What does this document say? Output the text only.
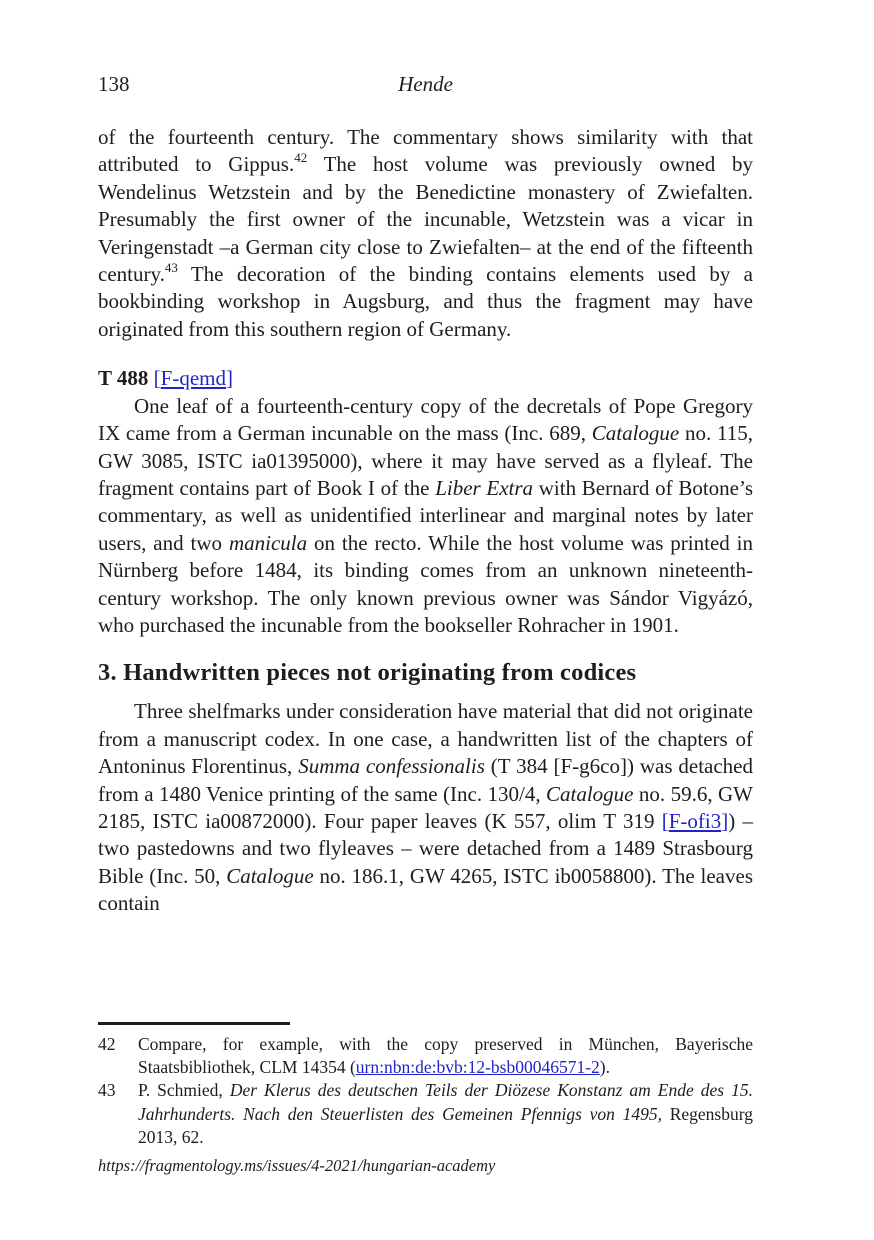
138	Hende

of the fourteenth century. The commentary shows similarity with that attributed to Gippus.$^{42}$ The host volume was previously owned by Wendelinus Wetzstein and by the Benedictine monastery of Zwiefalten. Presumably the first owner of the incunable, Wetzstein was a vicar in Veringenstadt –a German city close to Zwiefalten– at the end of the fifteenth century.$^{43}$ The decoration of the binding contains elements used by a bookbinding workshop in Augsburg, and thus the fragment may have originated from this southern region of Germany.

T 488 [F-qemd]

One leaf of a fourteenth-century copy of the decretals of Pope Gregory IX came from a German incunable on the mass (Inc. 689, Catalogue no. 115, GW 3085, ISTC ia01395000), where it may have served as a flyleaf. The fragment contains part of Book I of the Liber Extra with Bernard of Botone’s commentary, as well as unidentified interlinear and marginal notes by later users, and two manicula on the recto. While the host volume was printed in Nürnberg before 1484, its binding comes from an unknown nineteenth-century workshop. The only known previous owner was Sándor Vigyázó, who purchased the incunable from the bookseller Rohracher in 1901.

3. Handwritten pieces not originating from codices

Three shelfmarks under consideration have material that did not originate from a manuscript codex. In one case, a handwritten list of the chapters of Antoninus Florentinus, Summa confessionalis (T 384 [F-g6co]) was detached from a 1480 Venice printing of the same (Inc. 130/4, Catalogue no. 59.6, GW 2185, ISTC ia00872000). Four paper leaves (K 557, olim T 319 [F-ofi3]) – two pastedowns and two flyleaves – were detached from a 1489 Strasbourg Bible (Inc. 50, Catalogue no. 186.1, GW 4265, ISTC ib0058800). The leaves contain

42	Compare, for example, with the copy preserved in München, Bayerische Staatsbibliothek, CLM 14354 (urn:nbn:de:bvb:12-bsb00046571-2).
43	P. Schmied, Der Klerus des deutschen Teils der Diözese Konstanz am Ende des 15. Jahrhunderts. Nach den Steuerlisten des Gemeinen Pfennigs von 1495, Regensburg 2013, 62.
https://fragmentology.ms/issues/4-2021/hungarian-academy
